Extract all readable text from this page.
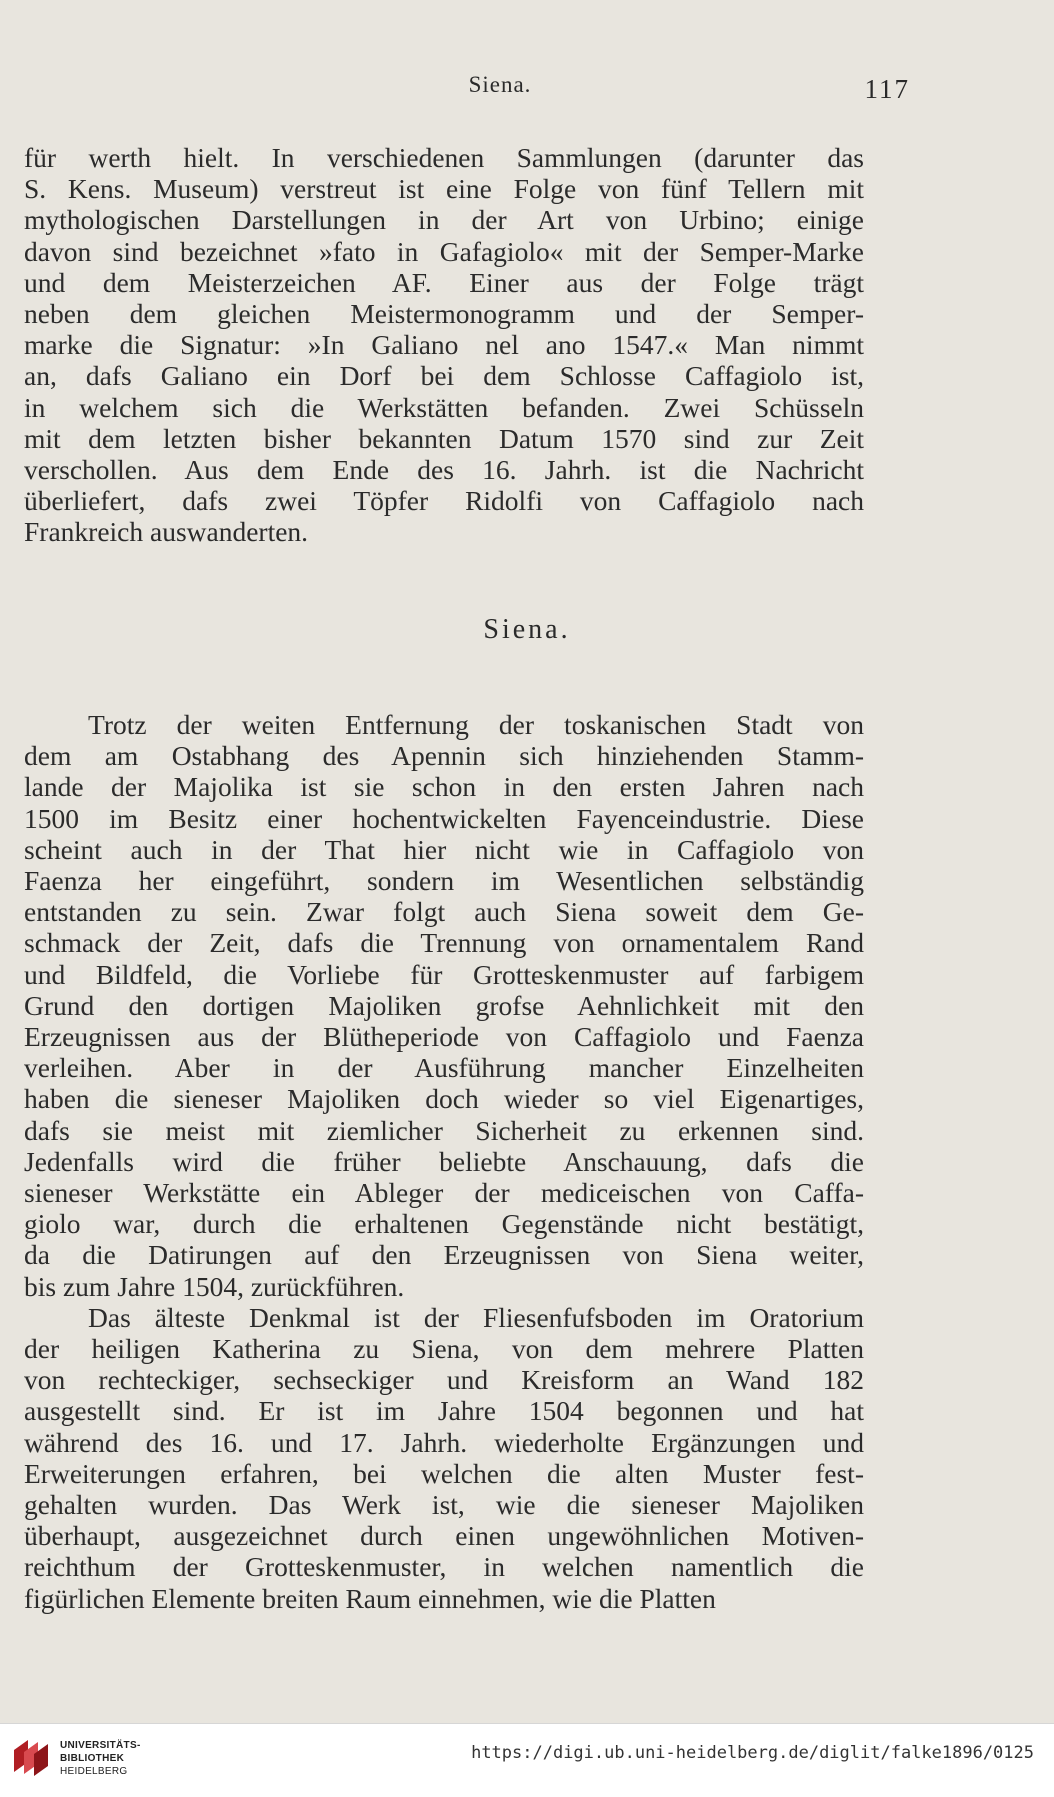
Siena.	117

für werth hielt. In verschiedenen Sammlungen (darunter das
S. Kens. Museum) verstreut ist eine Folge von fünf Tellern mit
mythologischen Darstellungen in der Art von Urbino; einige
davon sind bezeichnet »fato in Gafagiolo« mit der Semper-Marke
und dem Meisterzeichen AF. Einer aus der Folge trägt
neben dem gleichen Meistermonogramm und der Semper-
marke die Signatur: »In Galiano nel ano 1547.« Man nimmt
an, dafs Galiano ein Dorf bei dem Schlosse Caffagiolo ist,
in welchem sich die Werkstätten befanden. Zwei Schüsseln
mit dem letzten bisher bekannten Datum 1570 sind zur Zeit
verschollen. Aus dem Ende des 16. Jahrh. ist die Nachricht
überliefert, dafs zwei Töpfer Ridolfi von Caffagiolo nach
Frankreich auswanderten.

Siena.

Trotz der weiten Entfernung der toskanischen Stadt von
dem am Ostabhang des Apennin sich hinziehenden Stamm-
lande der Majolika ist sie schon in den ersten Jahren nach
1500 im Besitz einer hochentwickelten Fayenceindustrie. Diese
scheint auch in der That hier nicht wie in Caffagiolo von
Faenza her eingeführt, sondern im Wesentlichen selbständig
entstanden zu sein. Zwar folgt auch Siena soweit dem Ge-
schmack der Zeit, dafs die Trennung von ornamentalem Rand
und Bildfeld, die Vorliebe für Grotteskenmuster auf farbigem
Grund den dortigen Majoliken grofse Aehnlichkeit mit den
Erzeugnissen aus der Blütheperiode von Caffagiolo und Faenza
verleihen. Aber in der Ausführung mancher Einzelheiten
haben die sieneser Majoliken doch wieder so viel Eigenartiges,
dafs sie meist mit ziemlicher Sicherheit zu erkennen sind.
Jedenfalls wird die früher beliebte Anschauung, dafs die
sieneser Werkstätte ein Ableger der mediceischen von Caffa-
giolo war, durch die erhaltenen Gegenstände nicht bestätigt,
da die Datirungen auf den Erzeugnissen von Siena weiter,
bis zum Jahre 1504, zurückführen.

Das älteste Denkmal ist der Fliesenfufsboden im Oratorium
der heiligen Katherina zu Siena, von dem mehrere Platten
von rechteckiger, sechseckiger und Kreisform an Wand 182
ausgestellt sind. Er ist im Jahre 1504 begonnen und hat
während des 16. und 17. Jahrh. wiederholte Ergänzungen und
Erweiterungen erfahren, bei welchen die alten Muster fest-
gehalten wurden. Das Werk ist, wie die sieneser Majoliken
überhaupt, ausgezeichnet durch einen ungewöhnlichen Motiven-
reichthum der Grotteskenmuster, in welchen namentlich die
figürlichen Elemente breiten Raum einnehmen, wie die Platten

UNIVERSITÄTS-
BIBLIOTHEK
HEIDELBERG
https://digi.ub.uni-heidelberg.de/diglit/falke1896/0125
